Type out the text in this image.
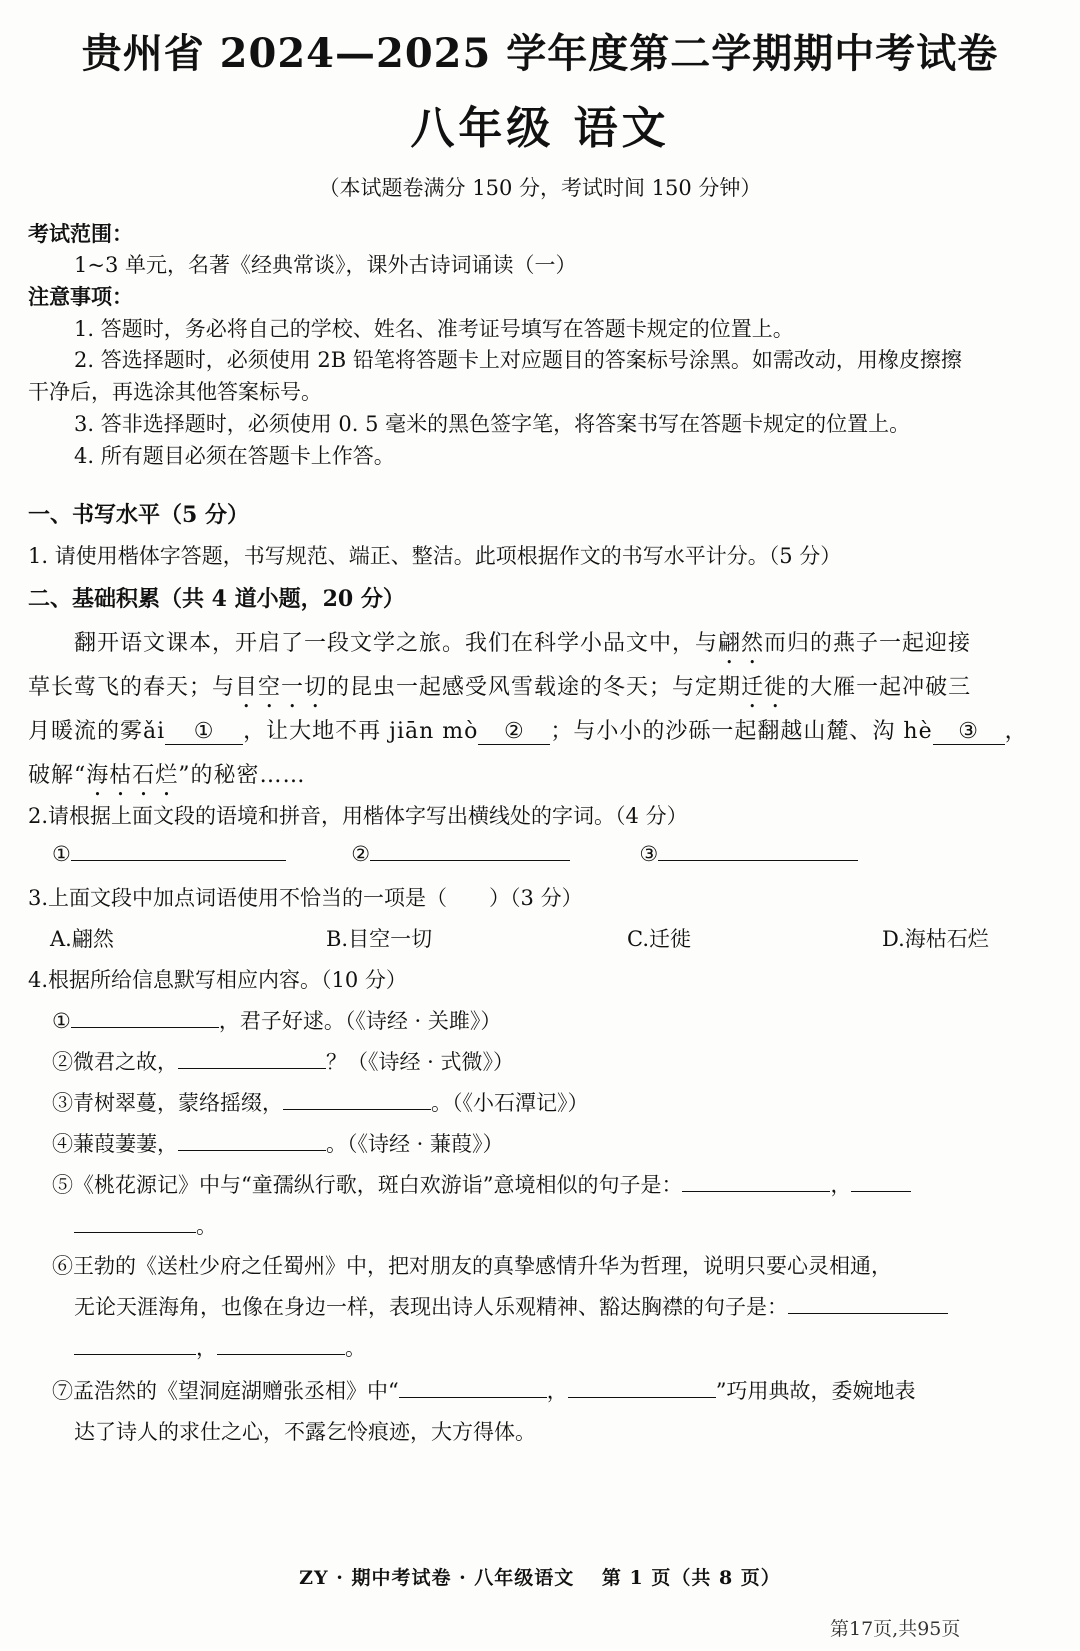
贵州省 2024—2025 学年度第二学期期中考试卷
八年级 语文
（本试题卷满分 150 分，考试时间 150 分钟）
考试范围：
1~3 单元，名著《经典常谈》，课外古诗词诵读（一）
注意事项：
1. 答题时，务必将自己的学校、姓名、准考证号填写在答题卡规定的位置上。
2. 答选择题时，必须使用 2B 铅笔将答题卡上对应题目的答案标号涂黑。如需改动，用橡皮擦擦
干净后，再选涂其他答案标号。
3. 答非选择题时，必须使用 0. 5 毫米的黑色签字笔，将答案书写在答题卡规定的位置上。
4. 所有题目必须在答题卡上作答。
一、书写水平（5 分）
1. 请使用楷体字答题，书写规范、端正、整洁。此项根据作文的书写水平计分。（5 分）
二、基础积累（共 4 道小题，20 分）
翻开语文课本，开启了一段文学之旅。我们在科学小品文中，与翩然而归的燕子一起迎接
草长莺飞的春天；与目空一切的昆虫一起感受风雪载途的冬天；与定期迁徙的大雁一起冲破三
月暖流的雾ǎi ① ，让大地不再 jiān mò ② ；与小小的沙砾一起翻越山麓、沟 hè ③ ，
破解“海枯石烂”的秘密……
2.请根据上面文段的语境和拼音，用楷体字写出横线处的字词。（4 分）
①	②	③
3.上面文段中加点词语使用不恰当的一项是（　　）（3 分）
A.翩然	B.目空一切	C.迁徙	D.海枯石烂
4.根据所给信息默写相应内容。（10 分）
①	，君子好逑。（《诗经 · 关雎》）
②微君之故，	？（《诗经 · 式微》）
③青树翠蔓，蒙络摇缀，	。（《小石潭记》）
④蒹葭萋萋，	。（《诗经 · 蒹葭》）
⑤《桃花源记》中与“童孺纵行歌，斑白欢游诣”意境相似的句子是：	，
。
⑥王勃的《送杜少府之任蜀州》中，把对朋友的真挚感情升华为哲理，说明只要心灵相通，
无论天涯海角，也像在身边一样，表现出诗人乐观精神、豁达胸襟的句子是：
，	。
⑦孟浩然的《望洞庭湖赠张丞相》中“	，	”巧用典故，委婉地表
达了诗人的求仕之心，不露乞怜痕迹，大方得体。
ZY · 期中考试卷 · 八年级语文　 第 1 页（共 8 页）
第17页,共95页
